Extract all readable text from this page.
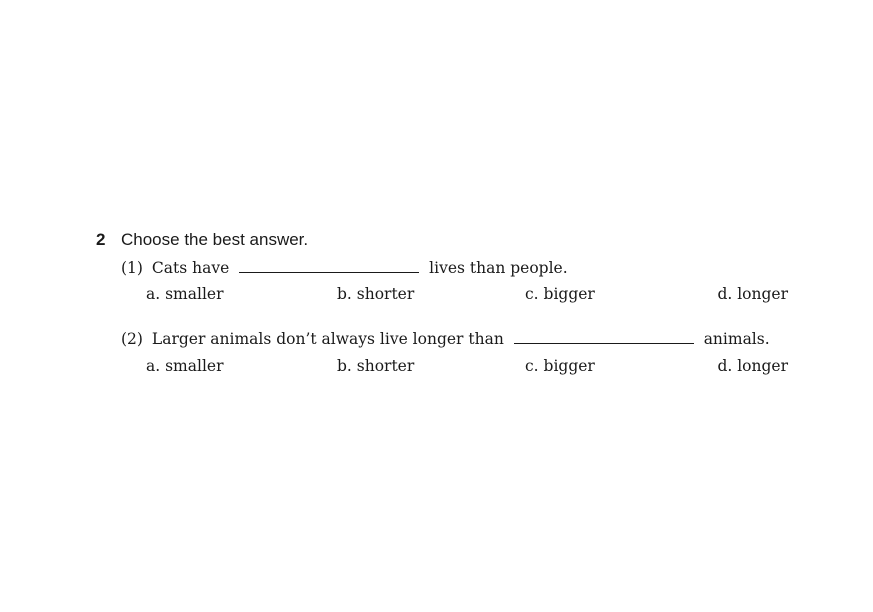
2 Choose the best answer.
(1) Cats have	lives than people.
a. smaller	b. shorter	c. bigger	d. longer
(2) Larger animals don’t always live longer than	animals.
a. smaller	b. shorter	c. bigger	d. longer
